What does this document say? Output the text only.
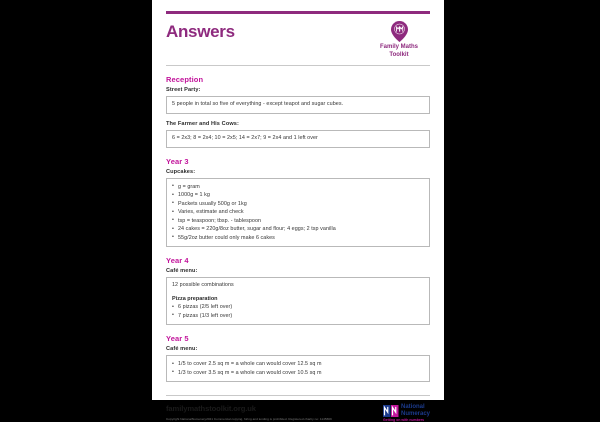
Answers
Family Maths
Toolkit
Reception
Street Party:
5 people in total so five of everything - except teapot and sugar cubes.
The Farmer and His Cows:
6 = 2x3; 8 = 2x4; 10 = 2x5; 14 = 2x7; 9 = 2x4 and 1 left over
Year 3
Cupcakes:
• g = gram
• 1000g = 1 kg
• Packets usually 500g or 1kg
• Varies, estimate and check
• tsp = teaspoon; tbsp. - tablespoon
• 24 cakes = 220g/8oz butter, sugar and flour; 4 eggs; 2 tsp vanilla
• 55g/2oz butter could only make 6 cakes
Year 4
Café menu:
12 possible combinations
Pizza preparation
• 6 pizzas (2/5 left over)
• 7 pizzas (1/3 left over)
Year 5
Café menu:
• 1/5 to cover 2.5 sq m = a whole can would cover 12.5 sq m
• 1/3 to cover 3.5 sq m = a whole can would cover 10.5 sq m
familymathstoolkit.org.uk
Copyright NationalNumeracy2021 Commercial copying, hiring and lending is prohibited. Registered charity no: 1145669
National
Numeracy
Getting on with numbers
